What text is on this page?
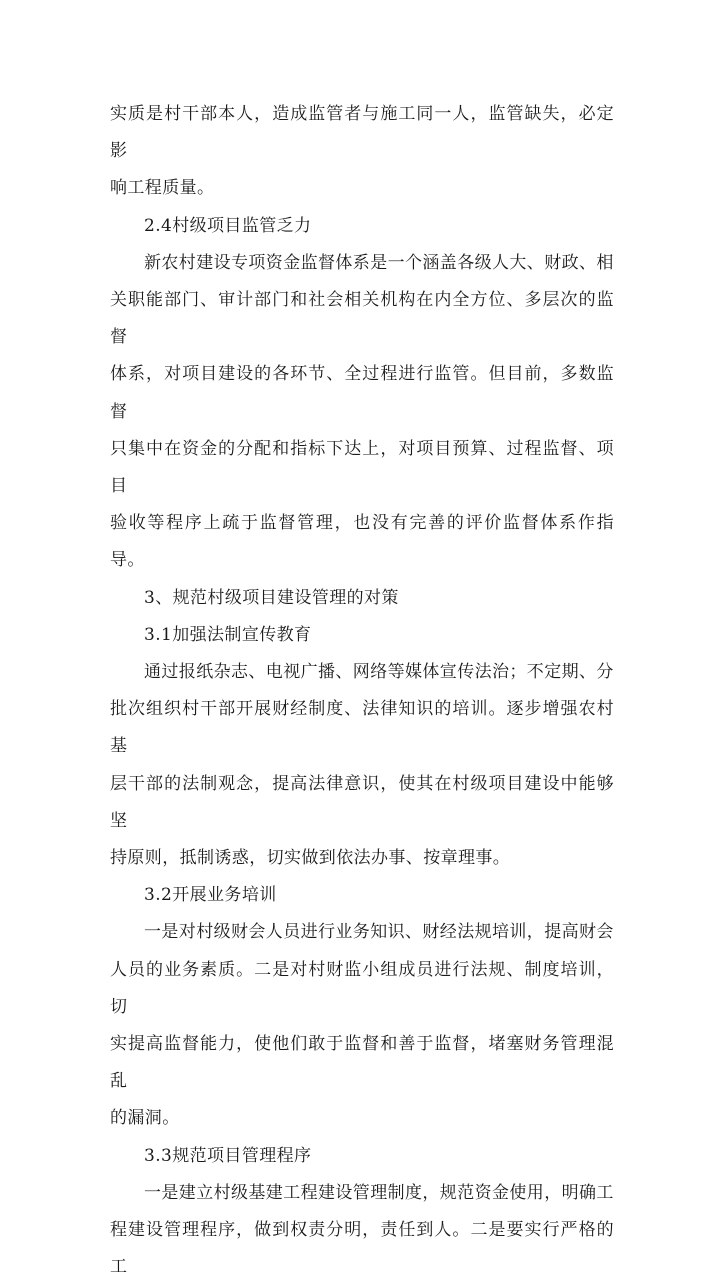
实质是村干部本人，造成监管者与施工同一人，监管缺失，必定影
响工程质量。
2.4村级项目监管乏力
新农村建设专项资金监督体系是一个涵盖各级人大、财政、相
关职能部门、审计部门和社会相关机构在内全方位、多层次的监督
体系，对项目建设的各环节、全过程进行监管。但目前，多数监督
只集中在资金的分配和指标下达上，对项目预算、过程监督、项目
验收等程序上疏于监督管理，也没有完善的评价监督体系作指导。
3、规范村级项目建设管理的对策
3.1加强法制宣传教育
通过报纸杂志、电视广播、网络等媒体宣传法治；不定期、分
批次组织村干部开展财经制度、法律知识的培训。逐步增强农村基
层干部的法制观念，提高法律意识，使其在村级项目建设中能够坚
持原则，抵制诱惑，切实做到依法办事、按章理事。
3.2开展业务培训
一是对村级财会人员进行业务知识、财经法规培训，提高财会
人员的业务素质。二是对村财监小组成员进行法规、制度培训，切
实提高监督能力，使他们敢于监督和善于监督，堵塞财务管理混乱
的漏洞。
3.3规范项目管理程序
一是建立村级基建工程建设管理制度，规范资金使用，明确工
程建设管理程序，做到权责分明，责任到人。二是要实行严格的工
